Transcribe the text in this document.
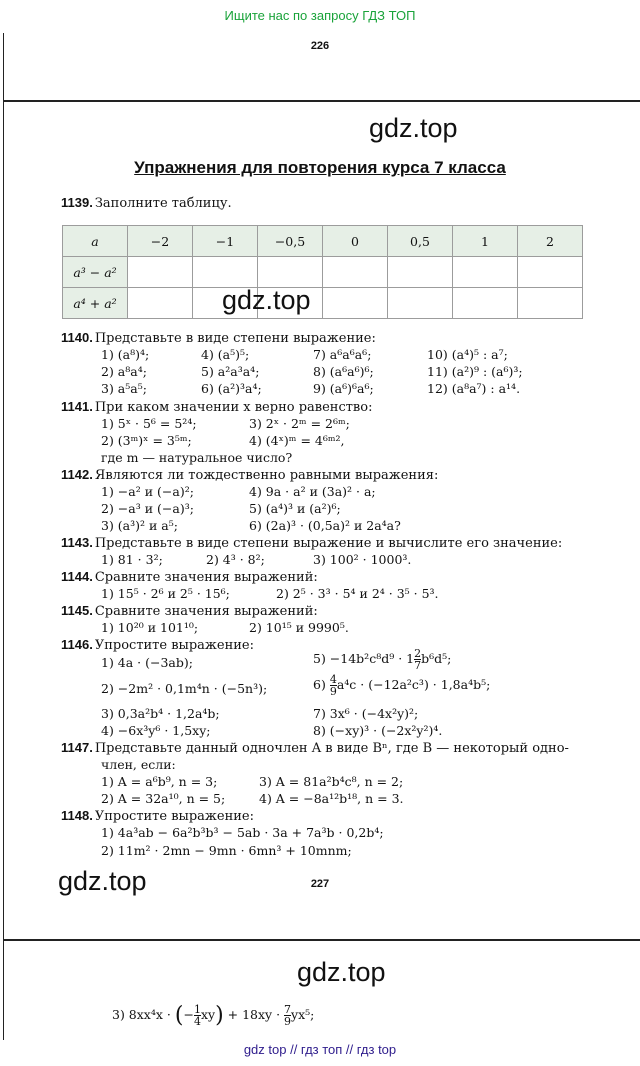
Ищите нас по запросу ГДЗ ТОП
226
gdz.top
Упражнения для повторения курса 7 класса
1139. Заполните таблицу.
a	−2	−1	−0,5	0	0,5	1	2
a³ − a²							
a⁴ + a²								gdz.top
1140. Представьте в виде степени выражение:
1) (a⁸)⁴;	4) (a⁵)⁵;	7) a⁶a⁶a⁶;	10) (a⁴)⁵ : a⁷;
2) a⁸a⁴;	5) a²a³a⁴;	8) (a⁶a⁶)⁶;	11) (a²)⁹ : (a⁶)³;
3) a⁵a⁵;	6) (a²)³a⁴;	9) (a⁶)⁶a⁶;	12) (a⁸a⁷) : a¹⁴.
1141. При каком значении x верно равенство:
1) 5ˣ · 5⁶ = 5²⁴;	3) 2ˣ · 2ᵐ = 2⁶ᵐ;
2) (3ᵐ)ˣ = 3⁵ᵐ;	4) (4ˣ)ᵐ = 4⁶ᵐ²,
где m — натуральное число?
1142. Являются ли тождественно равными выражения:
1) −a² и (−a)²;	4) 9a · a² и (3a)² · a;
2) −a³ и (−a)³;	5) (a⁴)³ и (a²)⁶;
3) (a³)² и a⁵;	6) (2a)³ · (0,5a)² и 2a⁴a?
1143. Представьте в виде степени выражение и вычислите его значение:
1) 81 · 3²;	2) 4³ · 8²;	3) 100² · 1000³.
1144. Сравните значения выражений:
1) 15⁵ · 2⁶ и 2⁵ · 15⁶;	2) 2⁵ · 3³ · 5⁴ и 2⁴ · 3⁵ · 5³.
1145. Сравните значения выражений:
1) 10²⁰ и 101¹⁰;	2) 10¹⁵ и 9990⁵.
1146. Упростите выражение:
1) 4a · (−3ab);	$5) -14b^2c^8d^9 \cdot 1 \frac{2}{7} b^6d^5$;
2) −2m² · 0,1m⁴n · (−5n³);	$6) \frac{4}{9} a^4c \cdot (-12a^2c^3) \cdot 1,8a^4b^5$;
3) 0,3a²b⁴ · 1,2a⁴b;	7) 3x⁶ · (−4x²y)²;
4) −6x³y⁶ · 1,5xy;	8) (−xy)³ · (−2x²y²)⁴.
1147. Представьте данный одночлен A в виде Bⁿ, где B — некоторый одно-
член, если:
1) A = a⁶b⁹, n = 3;	3) A = 81a²b⁴c⁸, n = 2;
2) A = 32a¹⁰, n = 5;	4) A = −8a¹²b¹⁸, n = 3.
1148. Упростите выражение:
1) 4a³ab − 6a²b³b³ − 5ab · 3a + 7a³b · 0,2b⁴;
2) 11m² · 2mn − 9mn · 6mn³ + 10mnm;
gdz.top	227
gdz.top
3) 8xx⁴x · (− $\frac{1}{4} xy) + 18xy \cdot \frac{7}{9} yx^5$;
gdz top // гдз топ // гдз top
